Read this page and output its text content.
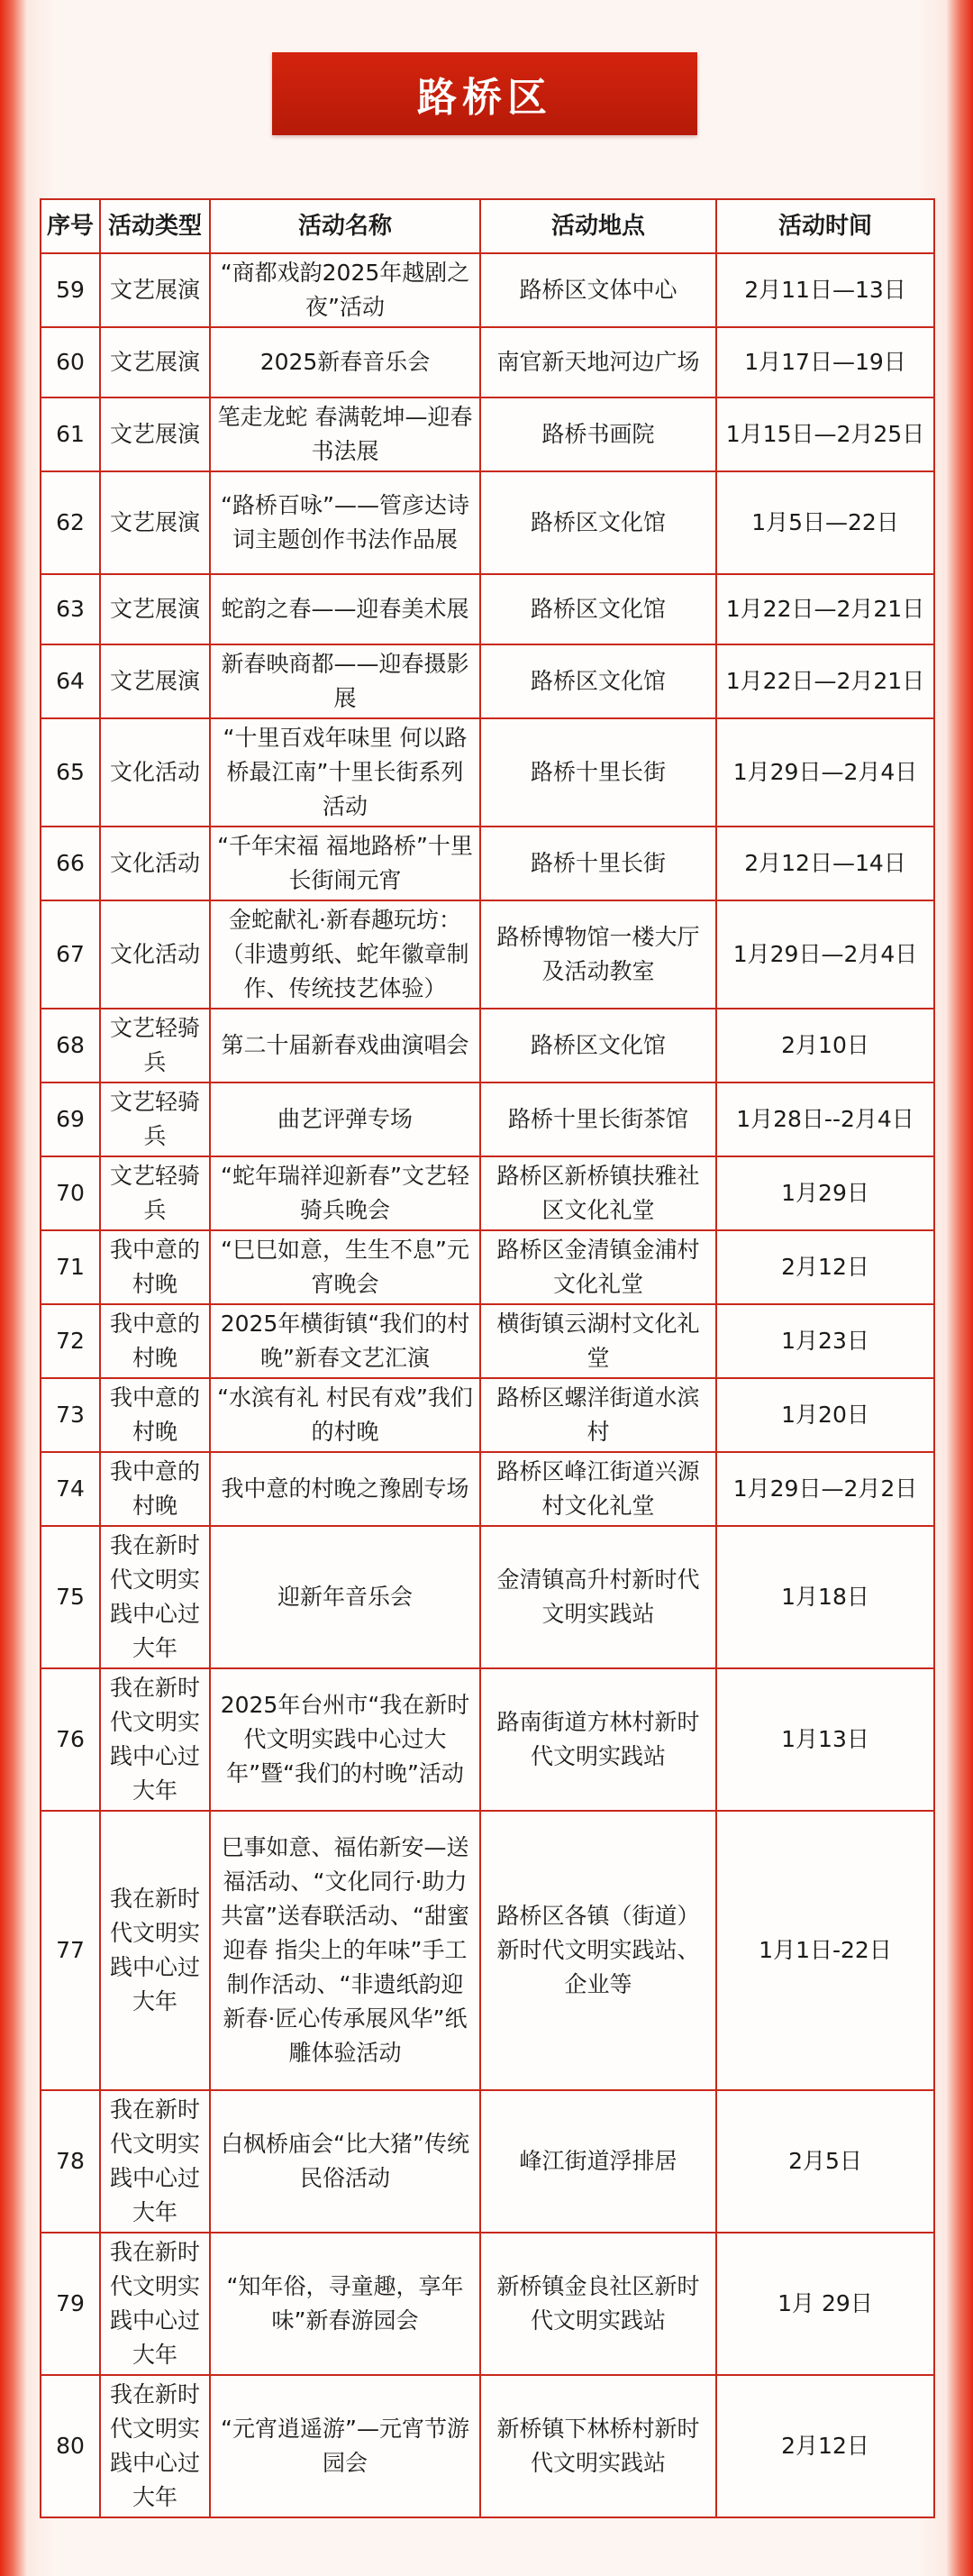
路桥区
序号	活动类型	活动名称	活动地点	活动时间
59	文艺展演	“商都戏韵2025年越剧之夜”活动	路桥区文体中心	2月11日—13日
60	文艺展演	2025新春音乐会	南官新天地河边广场	1月17日—19日
61	文艺展演	笔走龙蛇 春满乾坤—迎春书法展	路桥书画院	1月15日—2月25日
62	文艺展演	“路桥百咏”——管彦达诗词主题创作书法作品展	路桥区文化馆	1月5日—22日
63	文艺展演	蛇韵之春——迎春美术展	路桥区文化馆	1月22日—2月21日
64	文艺展演	新春映商都——迎春摄影展	路桥区文化馆	1月22日—2月21日
65	文化活动	“十里百戏年味里 何以路桥最江南”十里长街系列活动	路桥十里长街	1月29日—2月4日
66	文化活动	“千年宋福 福地路桥”十里长街闹元宵	路桥十里长街	2月12日—14日
67	文化活动	金蛇献礼·新春趣玩坊：（非遗剪纸、蛇年徽章制作、传统技艺体验）	路桥博物馆一楼大厅及活动教室	1月29日—2月4日
68	文艺轻骑兵	第二十届新春戏曲演唱会	路桥区文化馆	2月10日
69	文艺轻骑兵	曲艺评弹专场	路桥十里长街茶馆	1月28日--2月4日
70	文艺轻骑兵	“蛇年瑞祥迎新春”文艺轻骑兵晚会	路桥区新桥镇扶雅社区文化礼堂	1月29日
71	我中意的村晚	“巳巳如意，生生不息”元宵晚会	路桥区金清镇金浦村文化礼堂	2月12日
72	我中意的村晚	2025年横街镇“我们的村晚”新春文艺汇演	横街镇云湖村文化礼堂	1月23日
73	我中意的村晚	“水滨有礼 村民有戏”我们的村晚	路桥区螺洋街道水滨村	1月20日
74	我中意的村晚	我中意的村晚之豫剧专场	路桥区峰江街道兴源村文化礼堂	1月29日—2月2日
75	我在新时代文明实践中心过大年	迎新年音乐会	金清镇高升村新时代文明实践站	1月18日
76	我在新时代文明实践中心过大年	2025年台州市“我在新时代文明实践中心过大年”暨“我们的村晚”活动	路南街道方林村新时代文明实践站	1月13日
77	我在新时代文明实践中心过大年	巳事如意、福佑新安—送福活动、“文化同行·助力共富”送春联活动、“甜蜜迎春 指尖上的年味”手工制作活动、“非遗纸韵迎新春·匠心传承展风华”纸雕体验活动	路桥区各镇（街道）新时代文明实践站、企业等	1月1日-22日
78	我在新时代文明实践中心过大年	白枫桥庙会“比大猪”传统民俗活动	峰江街道浮排居	2月5日
79	我在新时代文明实践中心过大年	“知年俗，寻童趣，享年味”新春游园会	新桥镇金良社区新时代文明实践站	1月 29日
80	我在新时代文明实践中心过大年	“元宵逍遥游”—元宵节游园会	新桥镇下林桥村新时代文明实践站	2月12日
